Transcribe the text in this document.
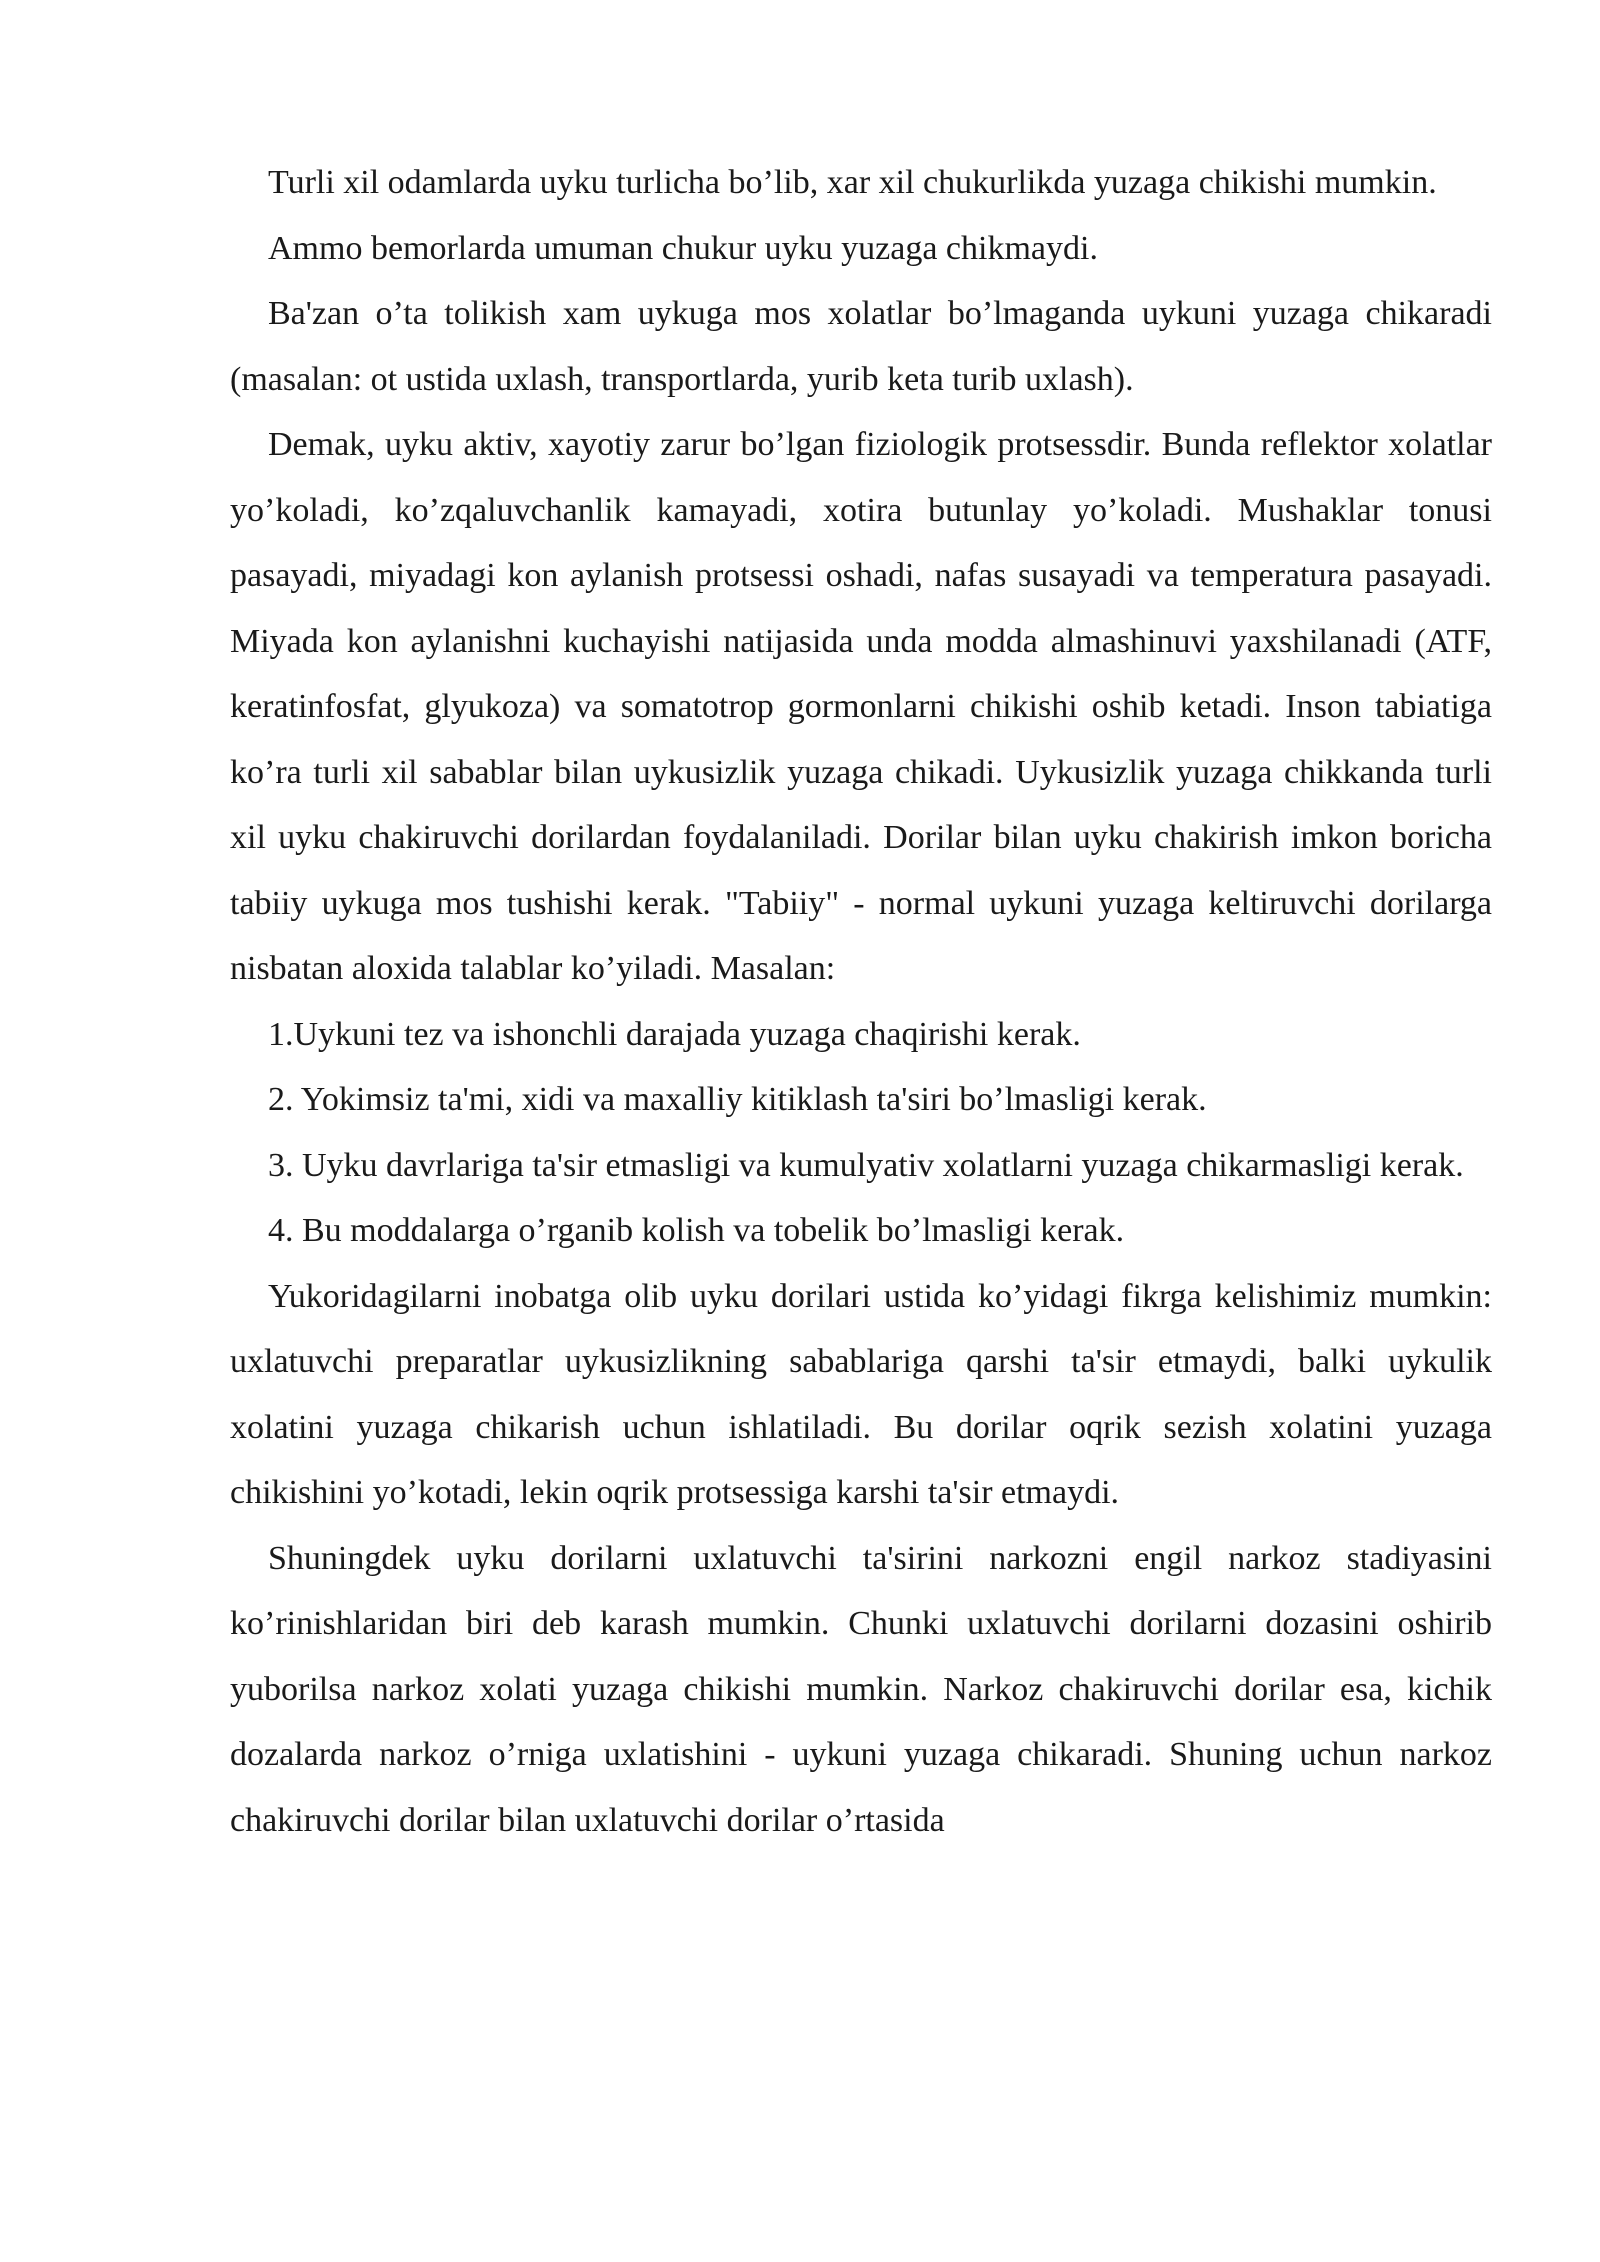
Turli xil odamlarda uyku turlicha bo’lib, xar xil chukurlikda yuzaga chikishi mumkin.

Ammo bemorlarda umuman chukur uyku yuzaga chikmaydi.

Ba'zan o’ta tolikish xam uykuga mos xolatlar bo’lmaganda uykuni yuzaga chikaradi (masalan: ot ustida uxlash, transportlarda, yurib keta turib uxlash).

Demak, uyku aktiv, xayotiy zarur bo’lgan fiziologik protsessdir. Bunda reflektor xolatlar yo’koladi, ko’zqaluvchanlik kamayadi, xotira butunlay yo’koladi. Mushaklar tonusi pasayadi, miyadagi kon aylanish protsessi oshadi, nafas susayadi va temperatura pasayadi. Miyada kon aylanishni kuchayishi natijasida unda modda almashinuvi yaxshilanadi (ATF, keratinfosfat, glyukoza) va somatotrop gormonlarni chikishi oshib ketadi. Inson tabiatiga ko’ra turli xil sabablar bilan uykusizlik yuzaga chikadi. Uykusizlik yuzaga chikkanda turli xil uyku chakiruvchi dorilardan foydalaniladi. Dorilar bilan uyku chakirish imkon boricha tabiiy uykuga mos tushishi kerak. "Tabiiy" - normal uykuni yuzaga keltiruvchi dorilarga nisbatan aloxida talablar ko’yiladi. Masalan:

1.Uykuni tez va ishonchli darajada yuzaga chaqirishi kerak.

2. Yokimsiz ta'mi, xidi va maxalliy kitiklash ta'siri bo’lmasligi kerak.

3. Uyku davrlariga ta'sir etmasligi va kumulyativ xolatlarni yuzaga chikarmasligi kerak.

4. Bu moddalarga o’rganib kolish va tobelik bo’lmasligi kerak.

Yukoridagilarni inobatga olib uyku dorilari ustida ko’yidagi fikrga kelishimiz mumkin: uxlatuvchi preparatlar uykusizlikning sabablariga qarshi ta'sir etmaydi, balki uykulik xolatini yuzaga chikarish uchun ishlatiladi. Bu dorilar oqrik sezish xolatini yuzaga chikishini yo’kotadi, lekin oqrik protsessiga karshi ta'sir etmaydi.

Shuningdek uyku dorilarni uxlatuvchi ta'sirini narkozni engil narkoz stadiyasini ko’rinishlaridan biri deb karash mumkin. Chunki uxlatuvchi dorilarni dozasini oshirib yuborilsa narkoz xolati yuzaga chikishi mumkin. Narkoz chakiruvchi dorilar esa, kichik dozalarda narkoz o’rniga uxlatishini - uykuni yuzaga chikaradi. Shuning uchun narkoz chakiruvchi dorilar bilan uxlatuvchi dorilar o’rtasida
